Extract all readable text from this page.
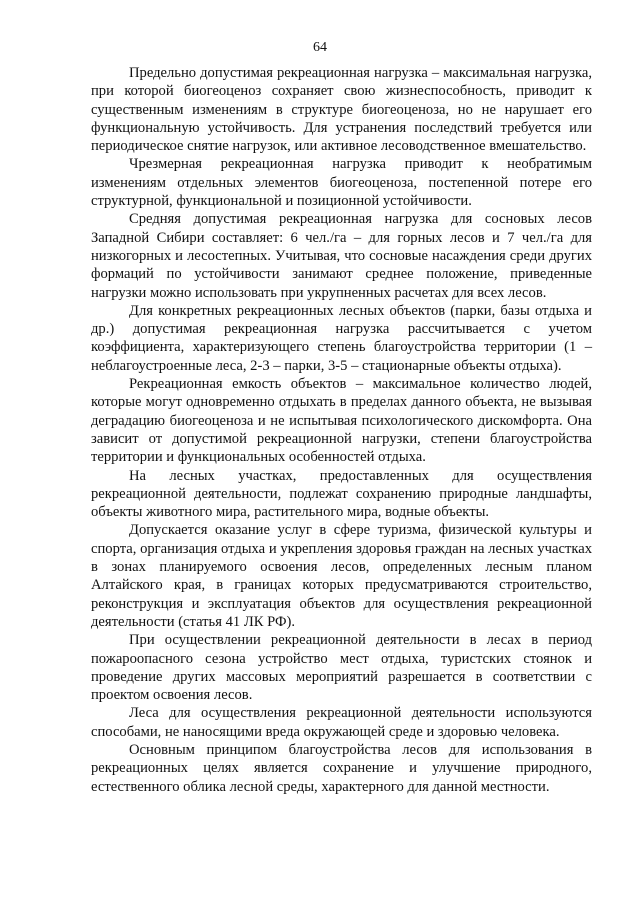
64

Предельно допустимая рекреационная нагрузка – максимальная нагрузка, при которой биогеоценоз сохраняет свою жизнеспособность, приводит к существенным изменениям в структуре биогеоценоза, но не нарушает его функциональную устойчивость. Для устранения последствий требуется или периодическое снятие нагрузок, или активное лесоводственное вмешательство.

Чрезмерная рекреационная нагрузка приводит к необратимым изменениям отдельных элементов биогеоценоза, постепенной потере его структурной, функциональной и позиционной устойчивости.

Средняя допустимая рекреационная нагрузка для сосновых лесов Западной Сибири составляет: 6 чел./га – для горных лесов и 7 чел./га для низкогорных и лесостепных. Учитывая, что сосновые насаждения среди других формаций по устойчивости занимают среднее положение, приведенные нагрузки можно использовать при укрупненных расчетах для всех лесов.

Для конкретных рекреационных лесных объектов (парки, базы отдыха и др.) допустимая рекреационная нагрузка рассчитывается с учетом коэффициента, характеризующего степень благоустройства территории (1 – неблагоустроенные леса, 2-3 – парки, 3-5 – стационарные объекты отдыха).

Рекреационная емкость объектов – максимальное количество людей, которые могут одновременно отдыхать в пределах данного объекта, не вызывая деградацию биогеоценоза и не испытывая психологического дискомфорта. Она зависит от допустимой рекреационной нагрузки, степени благоустройства территории и функциональных особенностей отдыха.

На лесных участках, предоставленных для осуществления рекреационной деятельности, подлежат сохранению природные ландшафты, объекты животного мира, растительного мира, водные объекты.

Допускается оказание услуг в сфере туризма, физической культуры и спорта, организация отдыха и укрепления здоровья граждан на лесных участках в зонах планируемого освоения лесов, определенных лесным планом Алтайского края, в границах которых предусматриваются строительство, реконструкция и эксплуатация объектов для осуществления рекреационной деятельности (статья 41 ЛК РФ).

При осуществлении рекреационной деятельности в лесах в период пожароопасного сезона устройство мест отдыха, туристских стоянок и проведение других массовых мероприятий разрешается в соответствии с проектом освоения лесов.

Леса для осуществления рекреационной деятельности используются способами, не наносящими вреда окружающей среде и здоровью человека.

Основным принципом благоустройства лесов для использования в рекреационных целях является сохранение и улучшение природного, естественного облика лесной среды, характерного для данной местности.
